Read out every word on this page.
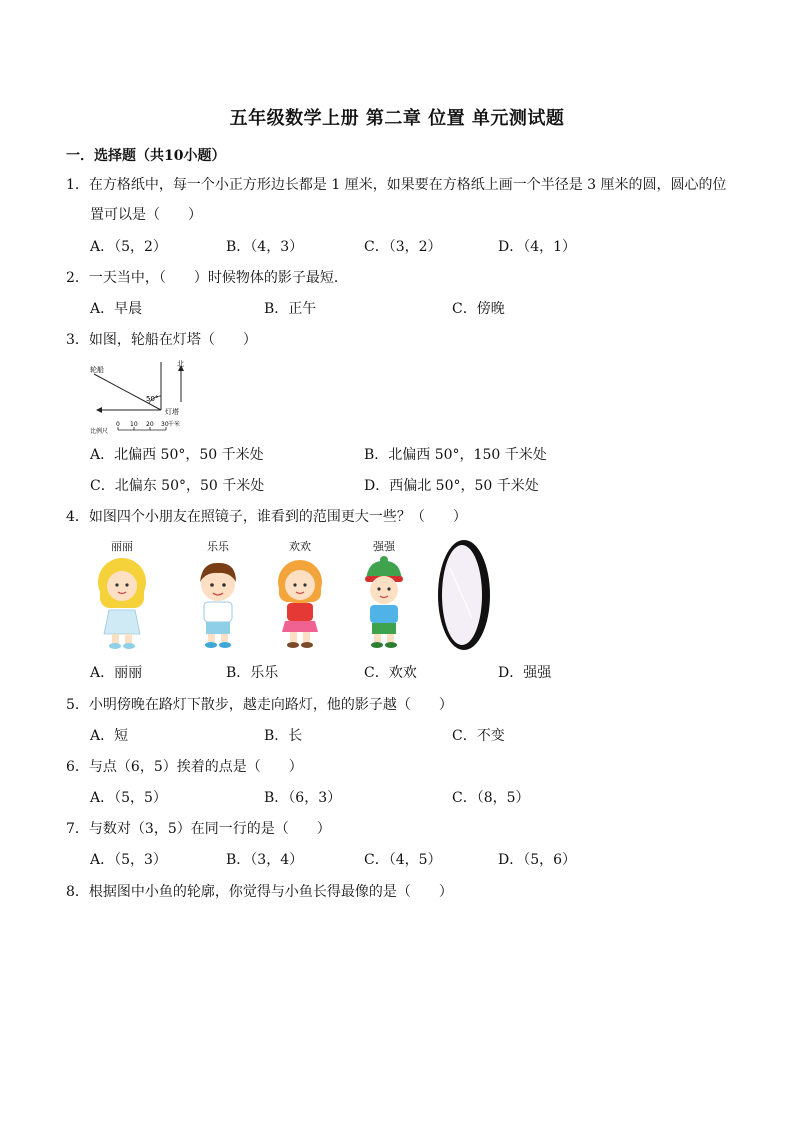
五年级数学上册 第二章 位置 单元测试题
一．选择题（共10小题）
1．在方格纸中，每一个小正方形边长都是 1 厘米，如果要在方格纸上画一个半径是 3 厘米的圆，圆心的位
置可以是（　　）
A．（5，2）	B．（4，3）	C．（3，2）	D．（4，1）
2．一天当中，（　　）时候物体的影子最短．
A．早晨	B．正午	C．傍晚
3．如图，轮船在灯塔（　　）
轮船
北
50°
灯塔
比例尺
0 10 20 30 千米
A．北偏西 50°，50 千米处	B．北偏西 50°，150 千米处
C．北偏东 50°，50 千米处	D．西偏北 50°，50 千米处
4．如图四个小朋友在照镜子，谁看到的范围更大一些？（　　）
丽丽	乐乐	欢欢	强强
A．丽丽	B．乐乐	C．欢欢	D．强强
5．小明傍晚在路灯下散步，越走向路灯，他的影子越（　　）
A．短	B．长	C．不变
6．与点（6，5）挨着的点是（　　）
A．（5，5）	B．（6，3）	C．（8，5）
7．与数对（3，5）在同一行的是（　　）
A．（5，3）	B．（3，4）	C．（4，5）	D．（5，6）
8．根据图中小鱼的轮廓，你觉得与小鱼长得最像的是（　　）
